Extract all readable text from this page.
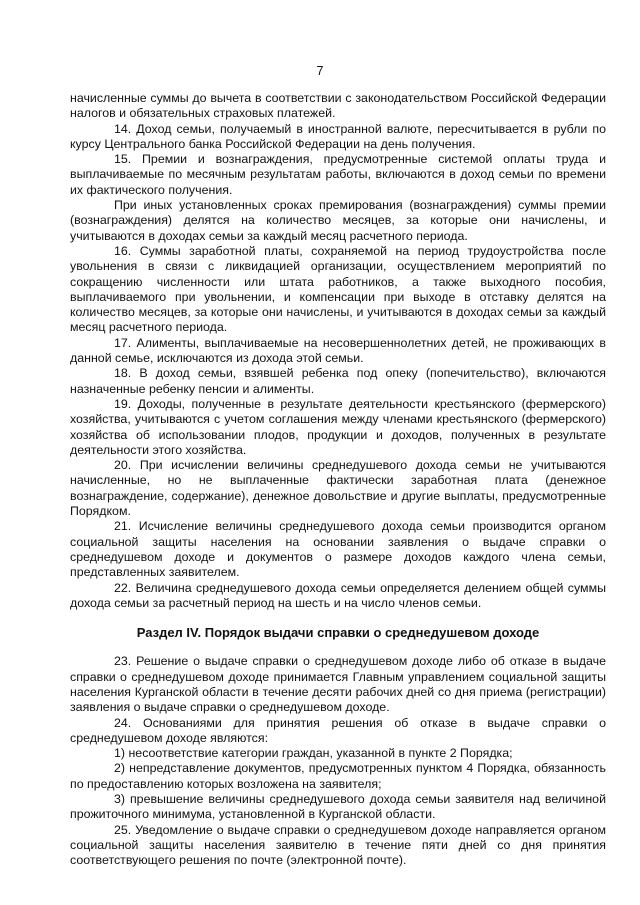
7

начисленные суммы до вычета в соответствии с законодательством Российской Федерации налогов и обязательных страховых платежей.

14. Доход семьи, получаемый в иностранной валюте, пересчитывается в рубли по курсу Центрального банка Российской Федерации на день получения.

15. Премии и вознаграждения, предусмотренные системой оплаты труда и выплачиваемые по месячным результатам работы, включаются в доход семьи по времени их фактического получения.

При иных установленных сроках премирования (вознаграждения) суммы премии (вознаграждения) делятся на количество месяцев, за которые они начислены, и учитываются в доходах семьи за каждый месяц расчетного периода.

16. Суммы заработной платы, сохраняемой на период трудоустройства после увольнения в связи с ликвидацией организации, осуществлением мероприятий по сокращению численности или штата работников, а также выходного пособия, выплачиваемого при увольнении, и компенсации при выходе в отставку делятся на количество месяцев, за которые они начислены, и учитываются в доходах семьи за каждый месяц расчетного периода.

17. Алименты, выплачиваемые на несовершеннолетних детей, не проживающих в данной семье, исключаются из дохода этой семьи.

18. В доход семьи, взявшей ребенка под опеку (попечительство), включаются назначенные ребенку пенсии и алименты.

19. Доходы, полученные в результате деятельности крестьянского (фермерского) хозяйства, учитываются с учетом соглашения между членами крестьянского (фермерского) хозяйства об использовании плодов, продукции и доходов, полученных в результате деятельности этого хозяйства.

20. При исчислении величины среднедушевого дохода семьи не учитываются начисленные, но не выплаченные фактически заработная плата (денежное вознаграждение, содержание), денежное довольствие и другие выплаты, предусмотренные Порядком.

21. Исчисление величины среднедушевого дохода семьи производится органом социальной защиты населения на основании заявления о выдаче справки о среднедушевом доходе и документов о размере доходов каждого члена семьи, представленных заявителем.

22. Величина среднедушевого дохода семьи определяется делением общей суммы дохода семьи за расчетный период на шесть и на число членов семьи.

Раздел IV. Порядок выдачи справки о среднедушевом доходе

23. Решение о выдаче справки о среднедушевом доходе либо об отказе в выдаче справки о среднедушевом доходе принимается Главным управлением социальной защиты населения Курганской области в течение десяти рабочих дней со дня приема (регистрации) заявления о выдаче справки о среднедушевом доходе.

24. Основаниями для принятия решения об отказе в выдаче справки о среднедушевом доходе являются:

1) несоответствие категории граждан, указанной в пункте 2 Порядка;

2) непредставление документов, предусмотренных пунктом 4 Порядка, обязанность по предоставлению которых возложена на заявителя;

3) превышение величины среднедушевого дохода семьи заявителя над величиной прожиточного минимума, установленной в Курганской области.

25. Уведомление о выдаче справки о среднедушевом доходе направляется органом социальной защиты населения заявителю в течение пяти дней со дня принятия соответствующего решения по почте (электронной почте).
